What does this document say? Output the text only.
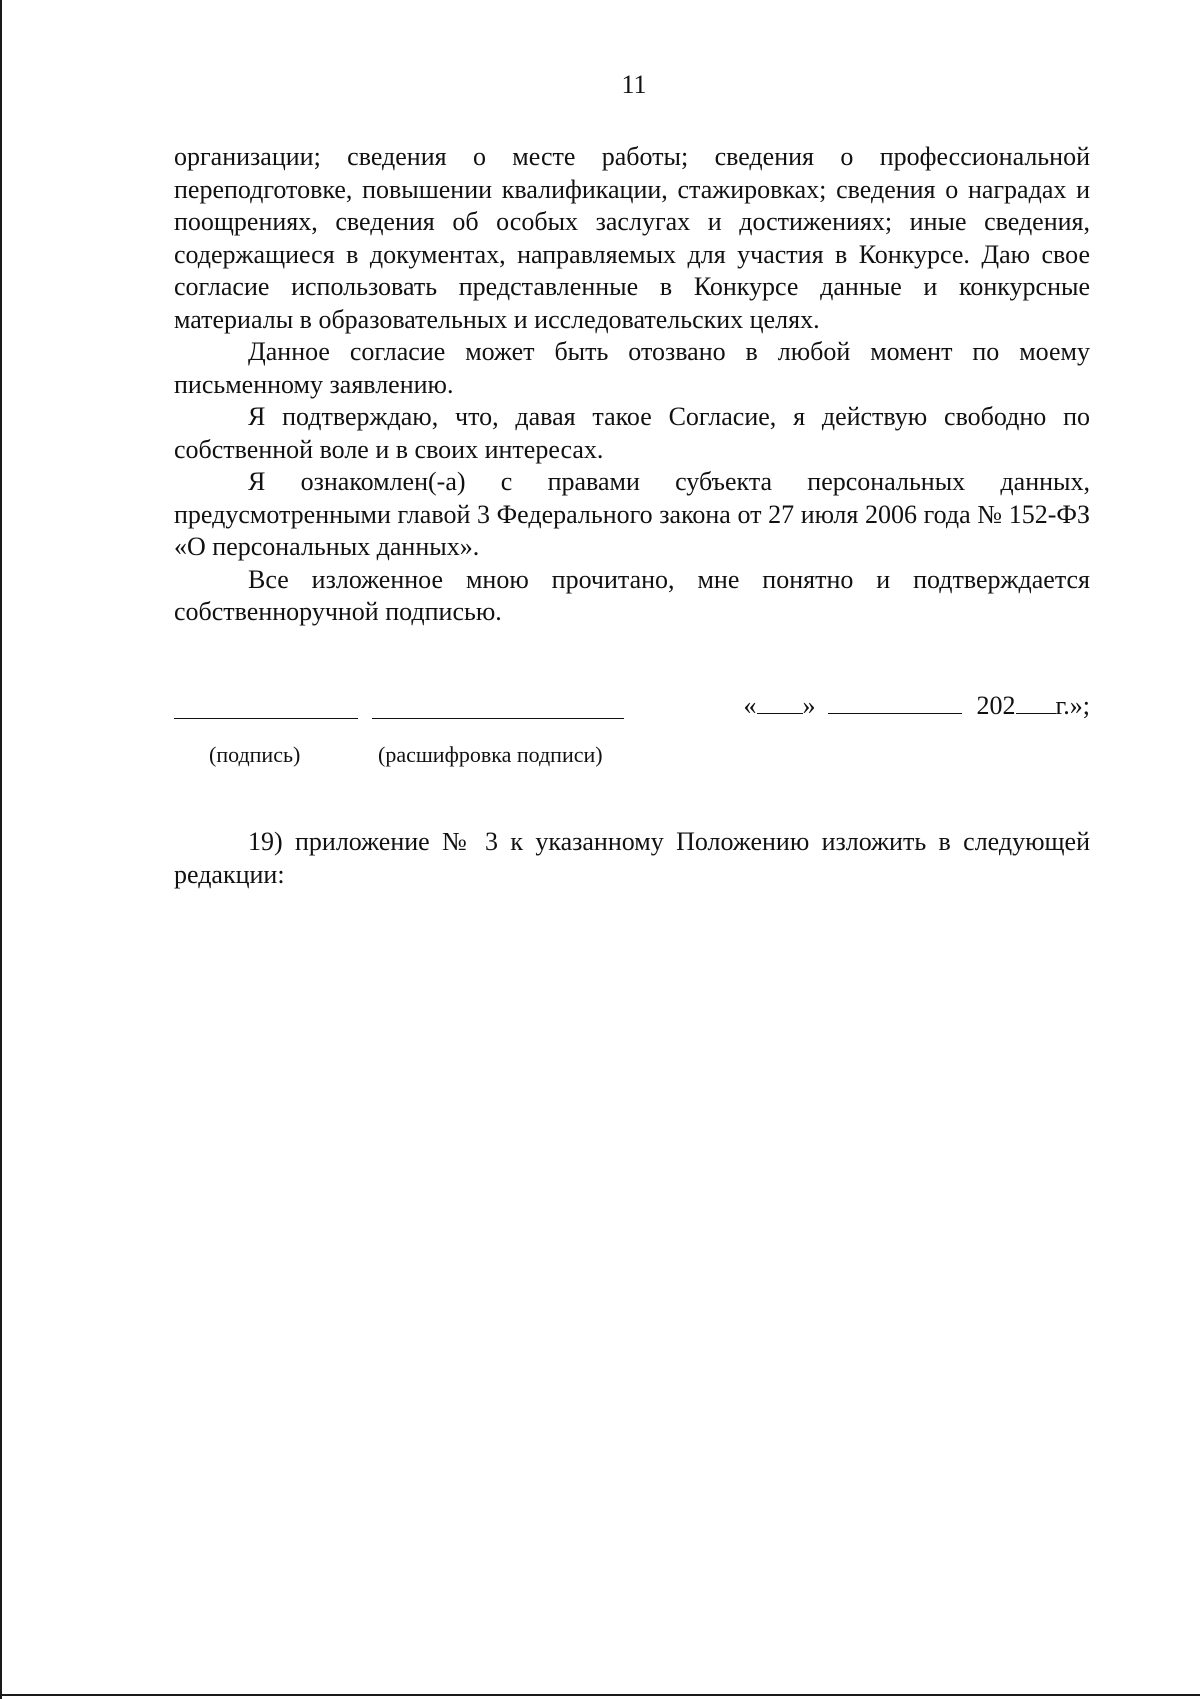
11

организации; сведения о месте работы; сведения о профессиональной переподготовке, повышении квалификации, стажировках; сведения о наградах и поощрениях, сведения об особых заслугах и достижениях; иные сведения, содержащиеся в документах, направляемых для участия в Конкурсе. Даю свое согласие использовать представленные в Конкурсе данные и конкурсные материалы в образовательных и исследовательских целях.

Данное согласие может быть отозвано в любой момент по моему письменному заявлению.

Я подтверждаю, что, давая такое Согласие, я действую свободно по собственной воле и в своих интересах.

Я ознакомлен(-а) с правами субъекта персональных данных, предусмотренными главой 3 Федерального закона от 27 июля 2006 года № 152-ФЗ «О персональных данных».

Все изложенное мною прочитано, мне понятно и подтверждается собственноручной подписью.

« »	202 г.»;
(подпись)	(расшифровка подписи)

19) приложение № 3 к указанному Положению изложить в следующей редакции:
